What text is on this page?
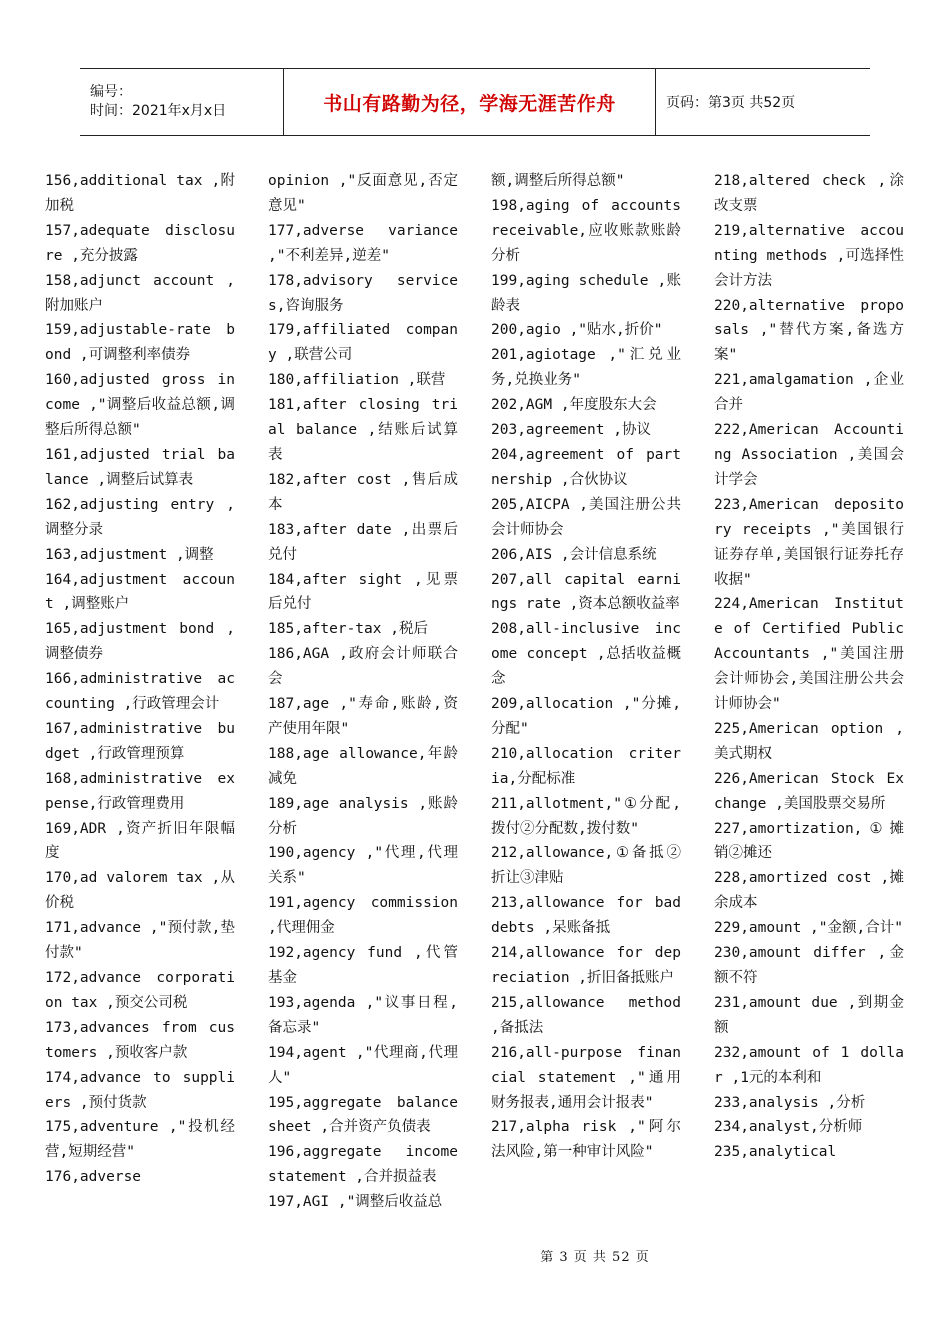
编号：
时间：2021年x月x日	书山有路勤为径，学海无涯苦作舟	页码：第3页 共52页

156,additional tax ,附加税

157,adequate disclosure ,充分披露

158,adjunct account ,附加账户

159,adjustable-rate bond ,可调整利率债券

160,adjusted gross income ,"调整后收益总额,调整后所得总额"

161,adjusted trial balance ,调整后试算表

162,adjusting entry ,调整分录

163,adjustment ,调整

164,adjustment account ,调整账户

165,adjustment bond ,调整债券

166,administrative accounting ,行政管理会计

167,administrative budget ,行政管理预算

168,administrative expense,行政管理费用

169,ADR ,资产折旧年限幅度

170,ad valorem tax ,从价税

171,advance ,"预付款,垫付款"

172,advance corporation tax ,预交公司税

173,advances from customers ,预收客户款

174,advance to suppliers ,预付货款

175,adventure ,"投机经营,短期经营"

176,adverse

opinion ,"反面意见,否定意见"

177,adverse variance ,"不利差异,逆差"

178,advisory services,咨询服务

179,affiliated company ,联营公司

180,affiliation ,联营

181,after closing trial balance ,结账后试算表

182,after cost ,售后成本

183,after date ,出票后兑付

184,after sight ,见票后兑付

185,after-tax ,税后

186,AGA ,政府会计师联合会

187,age ,"寿命,账龄,资产使用年限"

188,age allowance,年龄减免

189,age analysis ,账龄分析

190,agency ,"代理,代理关系"

191,agency commission ,代理佣金

192,agency fund ,代管基金

193,agenda ,"议事日程,备忘录"

194,agent ,"代理商,代理人"

195,aggregate balance sheet ,合并资产负债表

196,aggregate income statement ,合并损益表

197,AGI ,"调整后收益总

额,调整后所得总额"

198,aging of accounts receivable,应收账款账龄分析

199,aging schedule ,账龄表

200,agio ,"贴水,折价"

201,agiotage ,"汇兑业务,兑换业务"

202,AGM ,年度股东大会

203,agreement ,协议

204,agreement of partnership ,合伙协议

205,AICPA ,美国注册公共会计师协会

206,AIS ,会计信息系统

207,all capital earnings rate ,资本总额收益率

208,all-inclusive income concept ,总括收益概念

209,allocation ,"分摊,分配"

210,allocation criteria,分配标准

211,allotment,"①分配,拨付②分配数,拨付数"

212,allowance,①备抵②折让③津贴

213,allowance for bad debts ,呆账备抵

214,allowance for depreciation ,折旧备抵账户

215,allowance method ,备抵法

216,all-purpose financial statement ,"通用财务报表,通用会计报表"

217,alpha risk ,"阿尔法风险,第一种审计风险"

218,altered check ,涂改支票

219,alternative accounting methods ,可选择性会计方法

220,alternative proposals ,"替代方案,备选方案"

221,amalgamation ,企业合并

222,American Accounting Association ,美国会计学会

223,American depository receipts ,"美国银行证券存单,美国银行证券托存收据"

224,American Institute of Certified Public Accountants ,"美国注册会计师协会,美国注册公共会计师协会"

225,American option ,美式期权

226,American Stock Exchange ,美国股票交易所

227,amortization,①摊销②摊还

228,amortized cost ,摊余成本

229,amount ,"金额,合计"

230,amount differ ,金额不符

231,amount due ,到期金额

232,amount of 1 dollar ,1元的本利和

233,analysis ,分析

234,analyst,分析师

235,analytical

第 3 页 共 52 页
